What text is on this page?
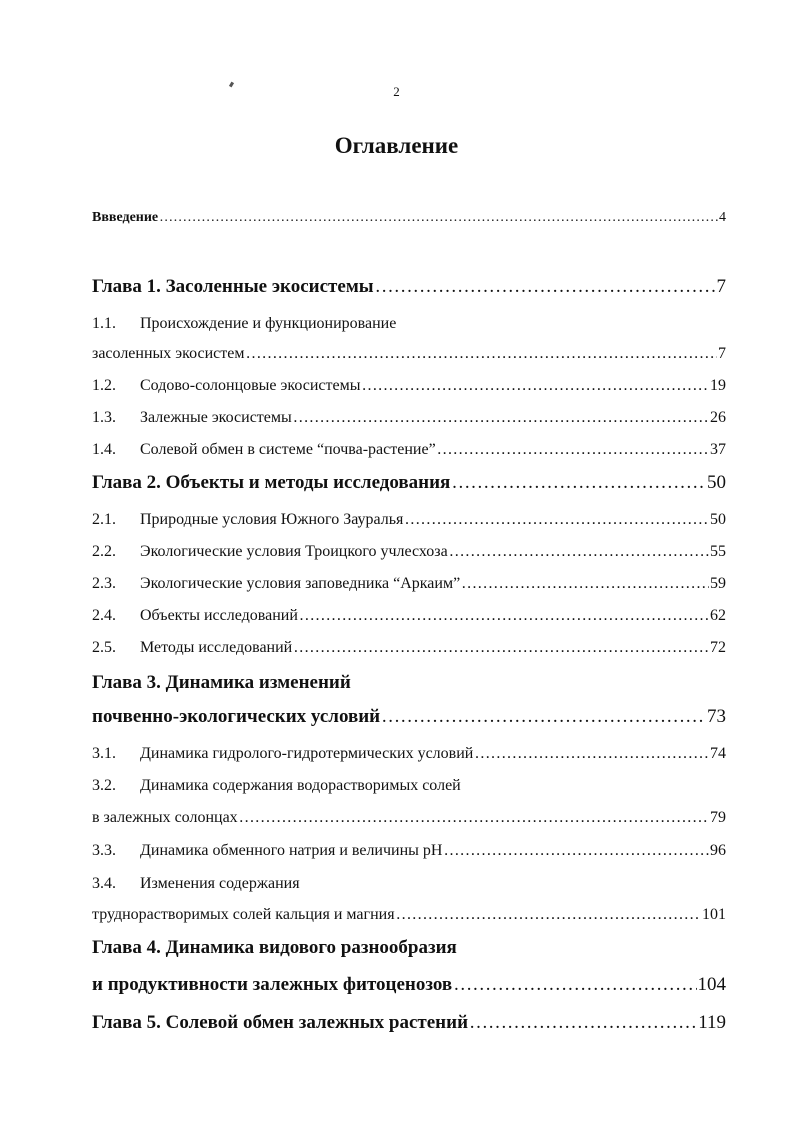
2
Оглавление
Ввведение ……………………………………………………………………………………………………………………………………………………………………………………………………	4
Глава 1. Засоленные экосистемы ……………………………………………………………………………………………………………………………………………………………………………………………………	7
1.1. Происхождение и функционирование
засоленных экосистем ……………………………………………………………………………………………………………………………………………………………………………………………………	7
1.2.	Содово-солонцовые экосистемы ……………………………………………………………………………………………………………………………………………………………………………………………………	19
1.3.	Залежные экосистемы ……………………………………………………………………………………………………………………………………………………………………………………………………	26
1.4.	Солевой обмен в системе “почва-растение” ……………………………………………………………………………………………………………………………………………………………………………………………………	37
Глава 2. Объекты и методы исследования ……………………………………………………………………………………………………………………………………………………………………………………………………	50
2.1.	Природные условия Южного Зауралья ……………………………………………………………………………………………………………………………………………………………………………………………………	50
2.2.	Экологические условия Троицкого учлесхоза ……………………………………………………………………………………………………………………………………………………………………………………………………	55
2.3.	Экологические условия заповедника “Аркаим” ……………………………………………………………………………………………………………………………………………………………………………………………………	59
2.4.	Объекты исследований ……………………………………………………………………………………………………………………………………………………………………………………………………	62
2.5.	Методы исследований ……………………………………………………………………………………………………………………………………………………………………………………………………	72
Глава 3. Динамика изменений
почвенно-экологических условий ……………………………………………………………………………………………………………………………………………………………………………………………………	73
3.1.	Динамика гидролого-гидротермических условий ……………………………………………………………………………………………………………………………………………………………………………………………………	74
3.2. Динамика содержания водорастворимых солей
в залежных солонцах ……………………………………………………………………………………………………………………………………………………………………………………………………	79
3.3.	Динамика обменного натрия и величины рН ……………………………………………………………………………………………………………………………………………………………………………………………………	96
3.4. Изменения содержания
труднорастворимых солей кальция и магния ……………………………………………………………………………………………………………………………………………………………………………………………………	101
Глава 4. Динамика видового разнообразия
и продуктивности залежных фитоценозов ……………………………………………………………………………………………………………………………………………………………………………………………………	104
Глава 5. Солевой обмен залежных растений ……………………………………………………………………………………………………………………………………………………………………………………………………	119
